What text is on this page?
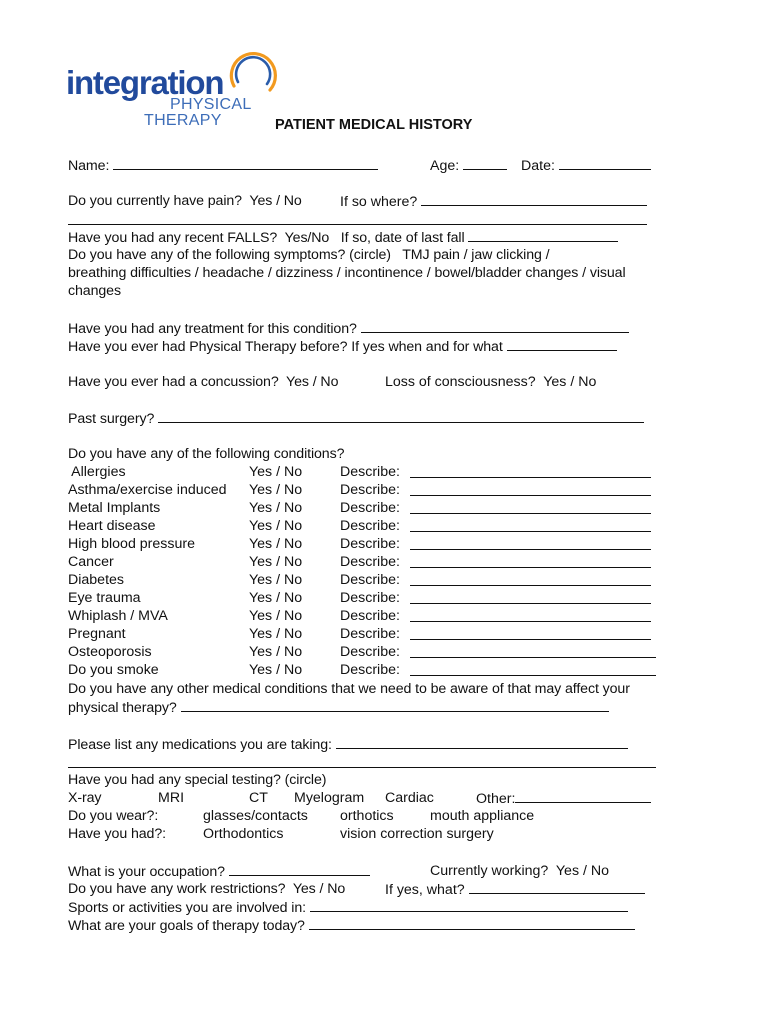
integration
PHYSICAL
THERAPY	PATIENT MEDICAL HISTORY
Name:	Age:	Date:
Do you currently have pain?  Yes / No	If so where?
Have you had any recent FALLS?  Yes/No   If so, date of last fall
Do you have any of the following symptoms? (circle)   TMJ pain / jaw clicking /
breathing difficulties / headache / dizziness / incontinence / bowel/bladder changes / visual
changes
Have you had any treatment for this condition?
Have you ever had Physical Therapy before? If yes when and for what
Have you ever had a concussion?  Yes / No	Loss of consciousness?  Yes / No
Past surgery?
Do you have any of the following conditions?
Allergies	Yes / No	Describe:
Asthma/exercise induced Yes / No	Describe:
Metal Implants	Yes / No	Describe:
Heart disease	Yes / No	Describe:
High blood pressure	Yes / No	Describe:
Cancer	Yes / No	Describe:
Diabetes	Yes / No	Describe:
Eye trauma	Yes / No	Describe:
Whiplash / MVA	Yes / No	Describe:
Pregnant	Yes / No	Describe:
Osteoporosis	Yes / No	Describe:
Do you smoke	Yes / No	Describe:
Do you have any other medical conditions that we need to be aware of that may affect your
physical therapy?
Please list any medications you are taking:
Have you had any special testing? (circle)
X-ray	MRI	CT Myelogram Cardiac	Other:
Do you wear?:	glasses/contacts orthotics	mouth appliance
Have you had?:	Orthodontics	vision correction surgery
What is your occupation?	Currently working?  Yes / No
Do you have any work restrictions?  Yes / No	If yes, what?
Sports or activities you are involved in:
What are your goals of therapy today?
